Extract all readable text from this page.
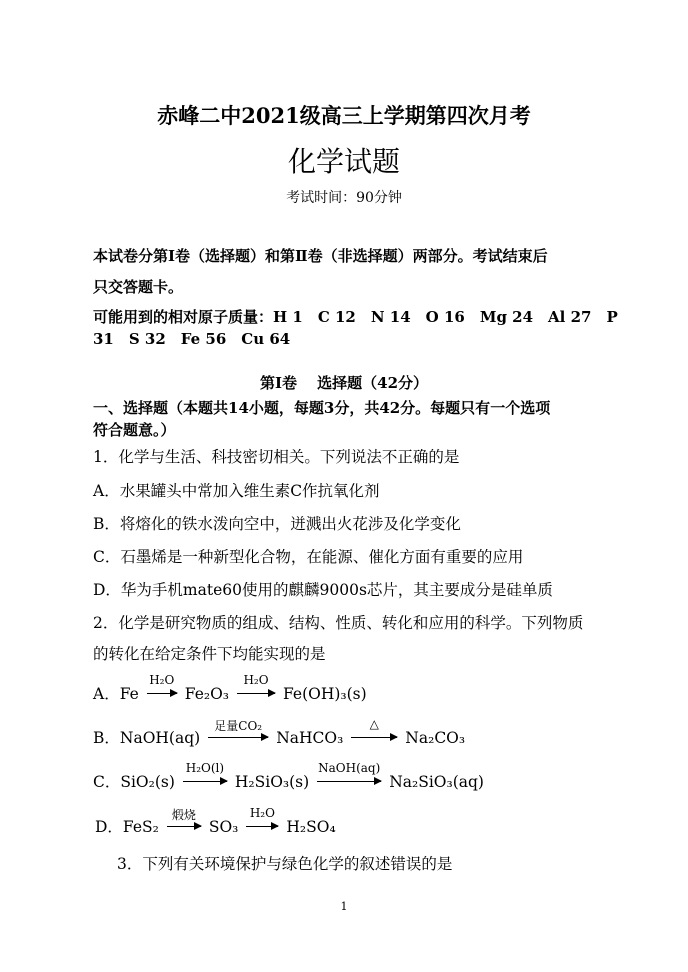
赤峰二中2021级高三上学期第四次月考
化学试题
考试时间：90分钟
本试卷分第Ⅰ卷（选择题）和第Ⅱ卷（非选择题）两部分。考试结束后
只交答题卡。
可能用到的相对原子质量：H 1　C 12　N 14　O 16　Mg 24　Al 27　P
31　S 32　Fe 56　Cu 64
第Ⅰ卷　 选择题（42分）
一、选择题（本题共14小题，每题3分，共42分。每题只有一个选项
符合题意。）
1．化学与生活、科技密切相关。下列说法不正确的是
A．水果罐头中常加入维生素C作抗氧化剂
B．将熔化的铁水泼向空中，迸溅出火花涉及化学变化
C．石墨烯是一种新型化合物，在能源、催化方面有重要的应用
D．华为手机mate60使用的麒麟9000s芯片，其主要成分是硅单质
2．化学是研究物质的组成、结构、性质、转化和应用的科学。下列物质
的转化在给定条件下均能实现的是
A．Fe
H₂O
Fe₂O₃
H₂O
Fe(OH)₃(s)
B．NaOH(aq)
足量CO₂
NaHCO₃
△
Na₂CO₃
C．SiO₂(s)
H₂O(l)
H₂SiO₃(s)
NaOH(aq)
Na₂SiO₃(aq)
D．FeS₂
煅烧
SO₃
H₂O
H₂SO₄
3．下列有关环境保护与绿色化学的叙述错误的是
1
